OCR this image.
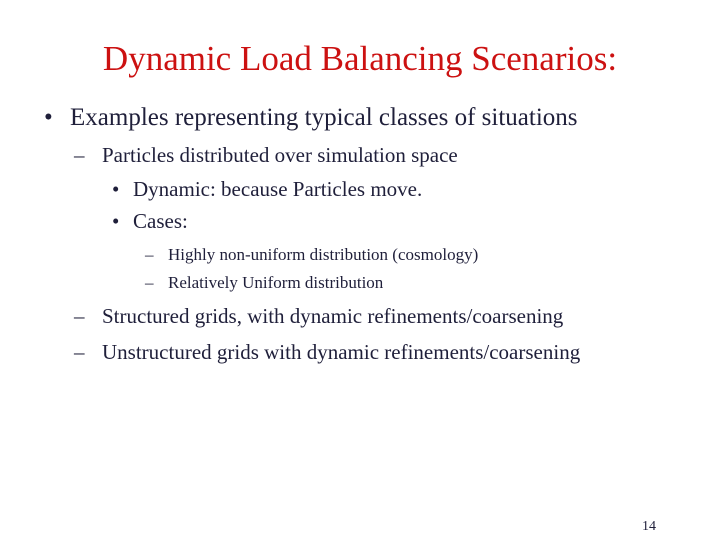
Dynamic Load Balancing Scenarios:
• Examples representing typical classes of situations
– Particles distributed over simulation space
• Dynamic: because Particles move.
• Cases:
– Highly non-uniform distribution (cosmology)
– Relatively Uniform distribution
– Structured grids, with dynamic refinements/coarsening
– Unstructured grids with dynamic refinements/coarsening
14
